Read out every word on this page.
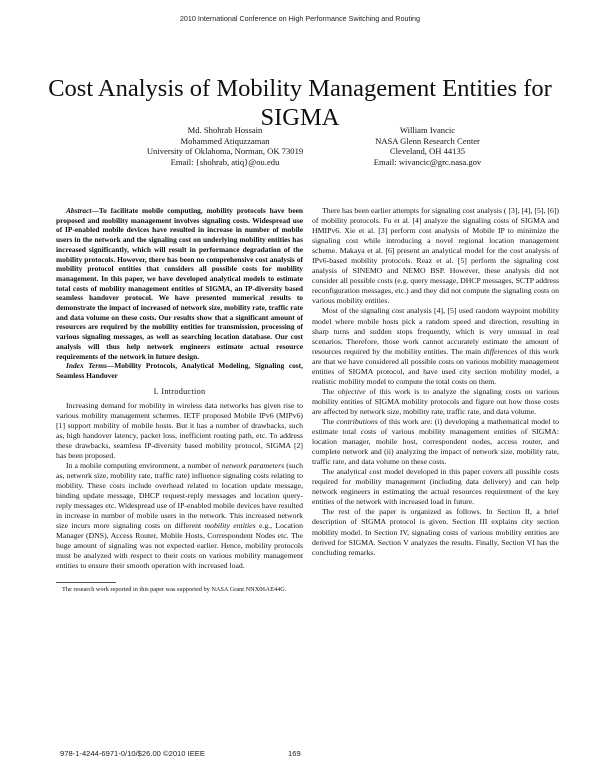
2010 International Conference on High Performance Switching and Routing
Cost Analysis of Mobility Management Entities for SIGMA
Md. Shohrab Hossain
Mohammed Atiquzzaman
University of Oklahoma, Norman, OK 73019
Email: {shohrab, atiq}@ou.edu
William Ivancic
NASA Glenn Research Center
Cleveland, OH 44135
Email: wivancic@grc.nasa.gov

Abstract—To facilitate mobile computing, mobility protocols have been proposed and mobility management involves signaling costs. Widespread use of IP-enabled mobile devices have resulted in increase in number of mobile users in the network and the signaling cost on underlying mobility entities has increased significantly, which will result in performance degradation of the mobility protocols. However, there has been no comprehensive cost analysis of mobility protocol entities that considers all possible costs for mobility management. In this paper, we have developed analytical models to estimate total costs of mobility management entities of SIGMA, an IP-diversity based seamless handover protocol. We have presented numerical results to demonstrate the impact of increased of network size, mobility rate, traffic rate and data volume on these costs. Our results show that a significant amount of resources are required by the mobility entities for transmission, processing of various signaling messages, as well as searching location database. Our cost analysis will thus help network engineers estimate actual resource requirements of the network in future design.

Index Terms—Mobility Protocols, Analytical Modeling, Signaling cost, Seamless Handover

I. Introduction

Increasing demand for mobility in wireless data networks has given rise to various mobility management schemes. IETF proposed Mobile IPv6 (MIPv6) [1] support mobility of mobile hosts. But it has a number of drawbacks, such as, high handover latency, packet loss, inefficient routing path, etc. To address these drawbacks, seamless IP-diversity based mobility protocol, SIGMA [2] has been proposed.

In a mobile computing environment, a number of network parameters (such as, network size, mobility rate, traffic rate) influence signaling costs relating to mobility. These costs include overhead related to location update message, binding update message, DHCP request-reply messages and location query-reply messages etc. Widespread use of IP-enabled mobile devices have resulted in increase in number of mobile users in the network. This increased network size incurs more signaling costs on different mobility entities e.g., Location Manager (DNS), Access Router, Mobile Hosts, Correspondent Nodes etc. The huge amount of signaling was not expected earlier. Hence, mobility protocols must be analyzed with respect to their costs on various mobility management entities to ensure their smooth operation with increased load.

The research work reported in this paper was supported by NASA Grant NNX06AE44G.

There has been earlier attempts for signaling cost analysis ( [3], [4], [5], [6]) of mobility protocols. Fu et al. [4] analyze the signaling costs of SIGMA and HMIPv6. Xie et al. [3] perform cost analysis of Mobile IP to minimize the signaling cost while introducing a novel regional location management scheme. Makaya et al. [6] present an analytical model for the cost analysis of IPv6-based mobility protocols. Reaz et al. [5] perform the signaling cost analysis of SINEMO and NEMO BSP. However, these analysis did not consider all possible costs (e.g. query message, DHCP messages, SCTP address reconfiguration messages, etc.) and they did not compute the signaling costs on various mobility entities.

Most of the signaling cost analysis [4], [5] used random waypoint mobility model where mobile hosts pick a random speed and direction, resulting in sharp turns and sudden stops frequently, which is very unusual in real scenarios. Therefore, those work cannot accurately estimate the amount of resources required by the mobility entities. The main differences of this work are that we have considered all possible costs on various mobility management entities of SIGMA protocol, and have used city section mobility model, a realistic mobility model to compute the total costs on them.

The objective of this work is to analyze the signaling costs on various mobility entities of SIGMA mobility protocols and figure out how those costs are affected by network size, mobility rate, traffic rate, and data volume.

The contributions of this work are: (i) developing a mathematical model to estimate total costs of various mobility management entities of SIGMA: location manager, mobile host, correspondent nodes, access router, and complete network and (ii) analyzing the impact of network size, mobility rate, traffic rate, and data volume on these costs.

The analytical cost model developed in this paper covers all possible costs required for mobility management (including data delivery) and can help network engineers in estimating the actual resources requirement of the key entities of the network with increased load in future.

The rest of the paper is organized as follows. In Section II, a brief description of SIGMA protocol is given. Section III explains city section mobility model. In Section IV, signaling costs of various mobility entities are derived for SIGMA. Section V analyzes the results. Finally, Section VI has the concluding remarks.

978-1-4244-6971-0/10/$26.00 ©2010 IEEE	169
